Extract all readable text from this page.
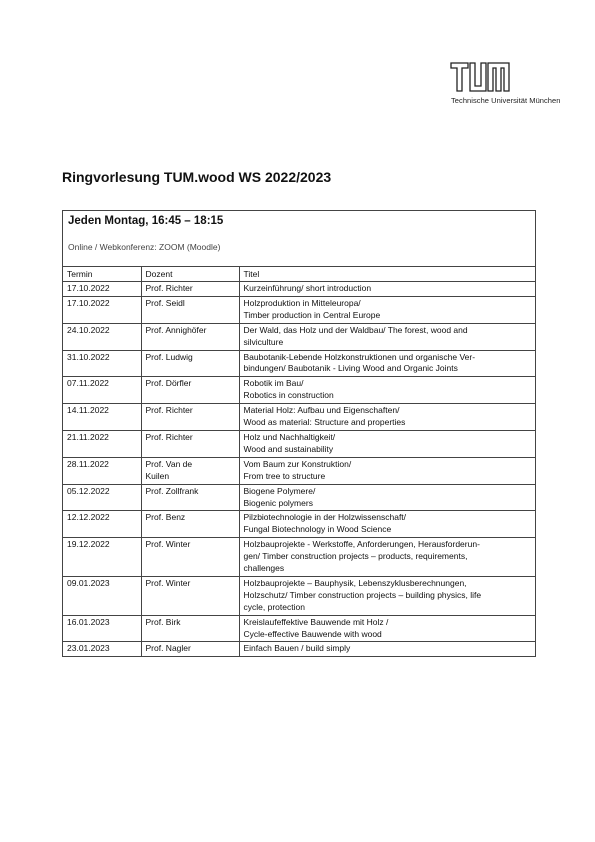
Technische Universität München
Ringvorlesung TUM.wood WS 2022/2023
Jeden Montag, 16:45 – 18:15
Online / Webkonferenz: ZOOM (Moodle)
Termin	Dozent	Titel
17.10.2022	Prof. Richter	Kurzeinführung/ short introduction

17.10.2022	Prof. Seidl	Holzproduktion in Mitteleuropa/
Timber production in Central Europe

24.10.2022	Prof. Annighöfer	Der Wald, das Holz und der Waldbau/ The forest, wood and
silviculture

31.10.2022	Prof. Ludwig	Baubotanik-Lebende Holzkonstruktionen und organische Ver-
bindungen/ Baubotanik - Living Wood and Organic Joints

07.11.2022	Prof. Dörfler	Robotik im Bau/
Robotics in construction

14.11.2022	Prof. Richter	Material Holz: Aufbau und Eigenschaften/
Wood as material: Structure and properties

21.11.2022	Prof. Richter	Holz und Nachhaltigkeit/
Wood and sustainability

28.11.2022	Prof. Van de
Kuilen	Vom Baum zur Konstruktion/
From tree to structure

05.12.2022	Prof. Zollfrank	Biogene Polymere/
Biogenic polymers

12.12.2022	Prof. Benz	Pilzbiotechnologie in der Holzwissenschaft/
Fungal Biotechnology in Wood Science

19.12.2022	Prof. Winter	Holzbauprojekte - Werkstoffe, Anforderungen, Herausforderun-
gen/ Timber construction projects – products, requirements,
challenges

09.01.2023	Prof. Winter	Holzbauprojekte – Bauphysik, Lebenszyklusberechnungen,
Holzschutz/ Timber construction projects – building physics, life
cycle, protection

16.01.2023	Prof. Birk	Kreislaufeffektive Bauwende mit Holz /
Cycle-effective Bauwende with wood

23.01.2023	Prof. Nagler	Einfach Bauen / build simply
